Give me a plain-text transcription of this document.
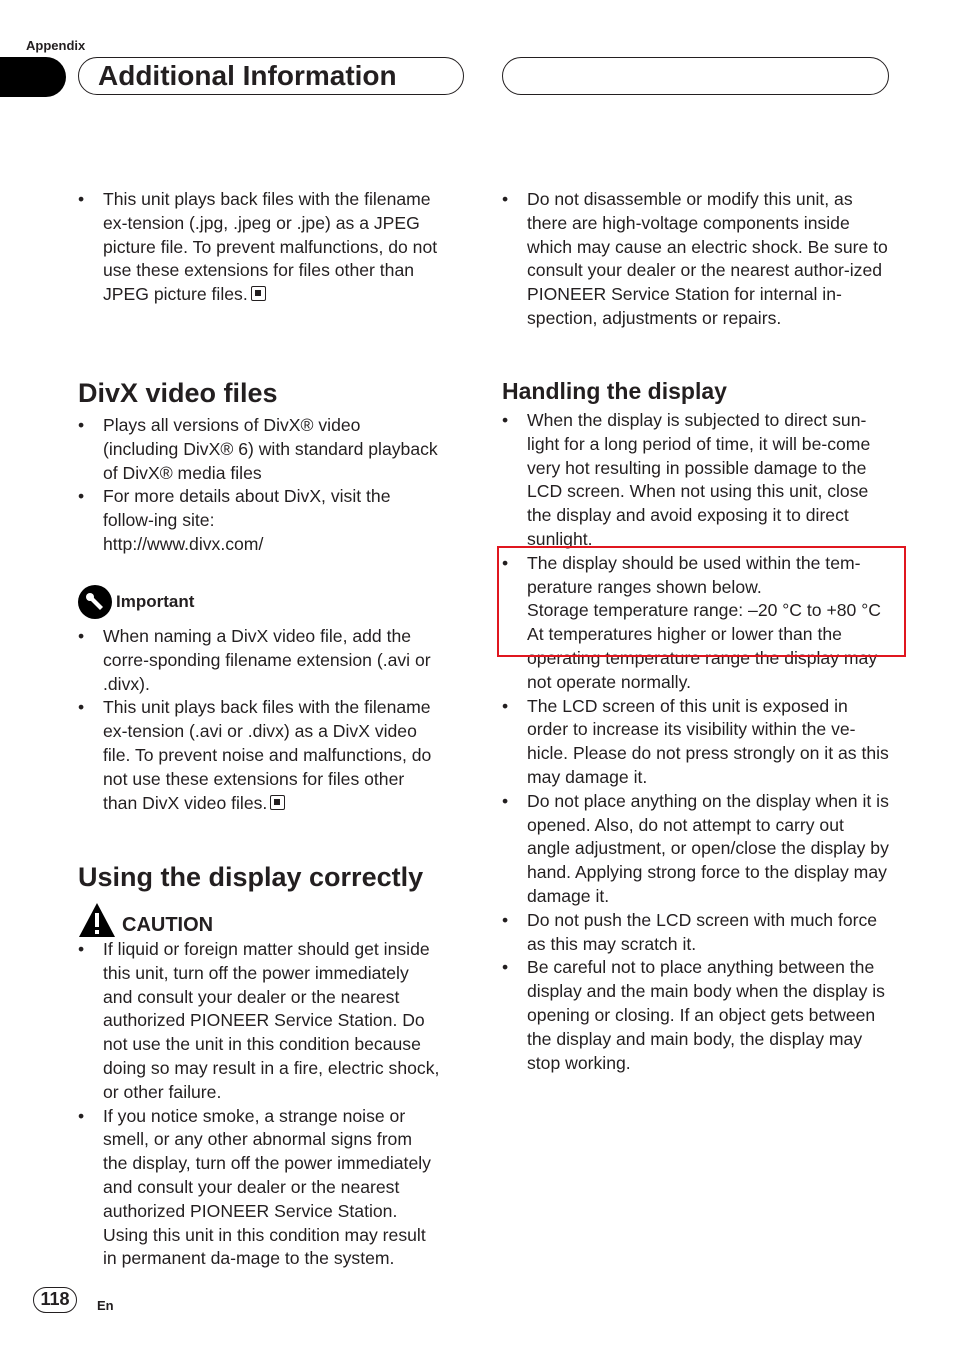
Appendix
Additional Information
• This unit plays back files with the filename ex-tension (.jpg, .jpeg or .jpe) as a JPEG picture file. To prevent malfunctions, do not use these extensions for files other than JPEG picture files.
DivX video files
• Plays all versions of DivX® video (including DivX® 6) with standard playback of DivX® media files
• For more details about DivX, visit the follow-ing site:
http://www.divx.com/
Important
• When naming a DivX video file, add the corre-sponding filename extension (.avi or .divx).
• This unit plays back files with the filename ex-tension (.avi or .divx) as a DivX video file. To prevent noise and malfunctions, do not use these extensions for files other than DivX video files.
Using the display correctly
CAUTION
• If liquid or foreign matter should get inside this unit, turn off the power immediately and consult your dealer or the nearest authorized PIONEER Service Station. Do not use the unit in this condition because doing so may result in a fire, electric shock, or other failure.
• If you notice smoke, a strange noise or smell, or any other abnormal signs from the display, turn off the power immediately and consult your dealer or the nearest authorized PIONEER Service Station. Using this unit in this condition may result in permanent da-mage to the system.
• Do not disassemble or modify this unit, as there are high-voltage components inside which may cause an electric shock. Be sure to consult your dealer or the nearest author-ized PIONEER Service Station for internal in-spection, adjustments or repairs.
Handling the display
• When the display is subjected to direct sun-light for a long period of time, it will be-come very hot resulting in possible damage to the LCD screen. When not using this unit, close the display and avoid exposing it to direct sunlight.
• The display should be used within the tem-perature ranges shown below.
Storage temperature range: –20 °C to +80 °C
At temperatures higher or lower than the operating temperature range the display may not operate normally.
• The LCD screen of this unit is exposed in order to increase its visibility within the ve-hicle. Please do not press strongly on it as this may damage it.
• Do not place anything on the display when it is opened. Also, do not attempt to carry out angle adjustment, or open/close the display by hand. Applying strong force to the display may damage it.
• Do not push the LCD screen with much force as this may scratch it.
• Be careful not to place anything between the display and the main body when the display is opening or closing. If an object gets between the display and main body, the display may stop working.
118	En
